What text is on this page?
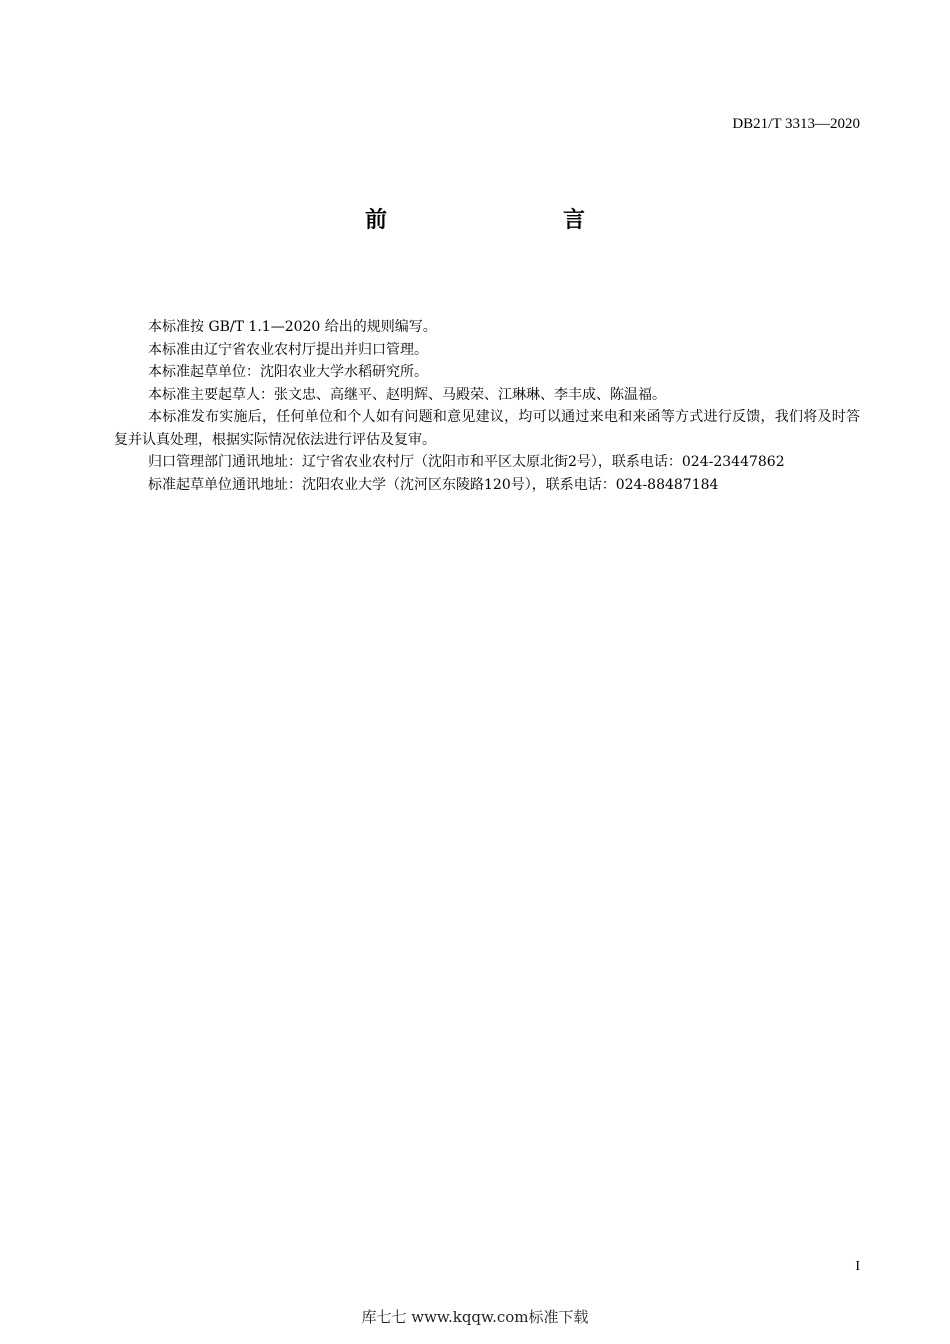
DB21/T 3313—2020
前　　言

本标准按 GB/T 1.1—2020 给出的规则编写。

本标准由辽宁省农业农村厅提出并归口管理。

本标准起草单位：沈阳农业大学水稻研究所。

本标准主要起草人：张文忠、高继平、赵明辉、马殿荣、江琳琳、李丰成、陈温福。

本标准发布实施后，任何单位和个人如有问题和意见建议，均可以通过来电和来函等方式进行反馈，我们将及时答复并认真处理，根据实际情况依法进行评估及复审。

归口管理部门通讯地址：辽宁省农业农村厅（沈阳市和平区太原北街2号），联系电话：024-23447862

标准起草单位通讯地址：沈阳农业大学（沈河区东陵路120号），联系电话：024-88487184

I
库七七 www.kqqw.com标准下载
